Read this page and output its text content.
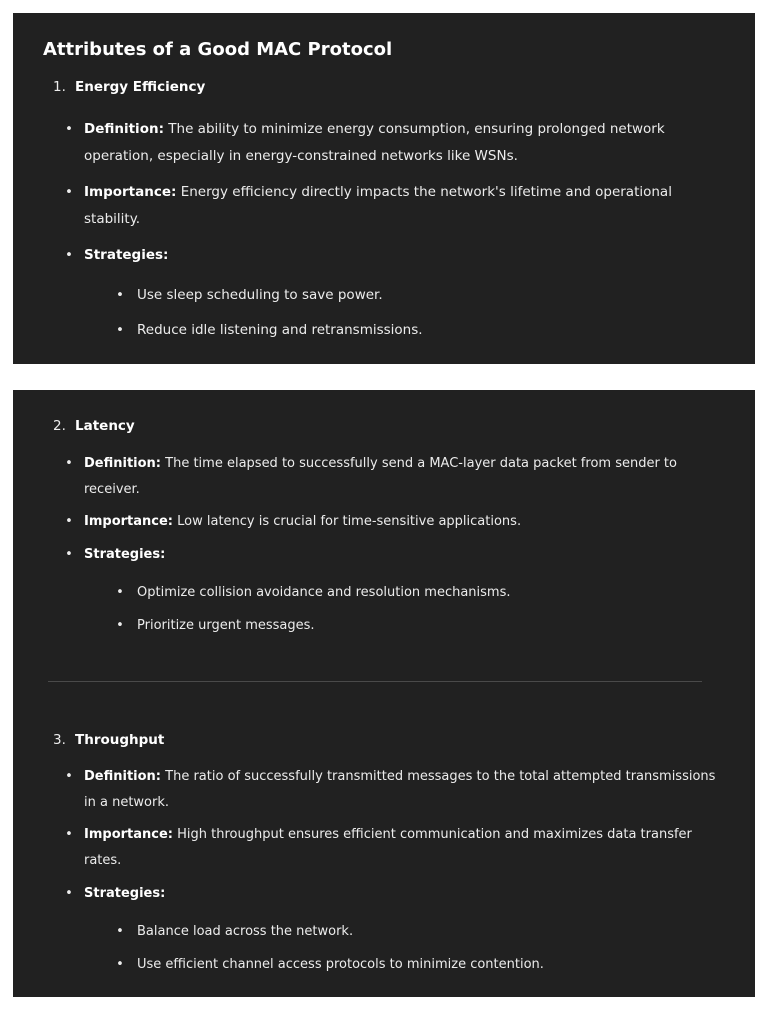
Attributes of a Good MAC Protocol
1. Energy Efficiency
• Definition: The ability to minimize energy consumption, ensuring prolonged network operation, especially in energy-constrained networks like WSNs.
• Importance: Energy efficiency directly impacts the network's lifetime and operational stability.
• Strategies:
• Use sleep scheduling to save power.
• Reduce idle listening and retransmissions.
2. Latency
• Definition: The time elapsed to successfully send a MAC-layer data packet from sender to receiver.
• Importance: Low latency is crucial for time-sensitive applications.
• Strategies:
• Optimize collision avoidance and resolution mechanisms.
• Prioritize urgent messages.
3. Throughput
• Definition: The ratio of successfully transmitted messages to the total attempted transmissions in a network.
• Importance: High throughput ensures efficient communication and maximizes data transfer rates.
• Strategies:
• Balance load across the network.
• Use efficient channel access protocols to minimize contention.
